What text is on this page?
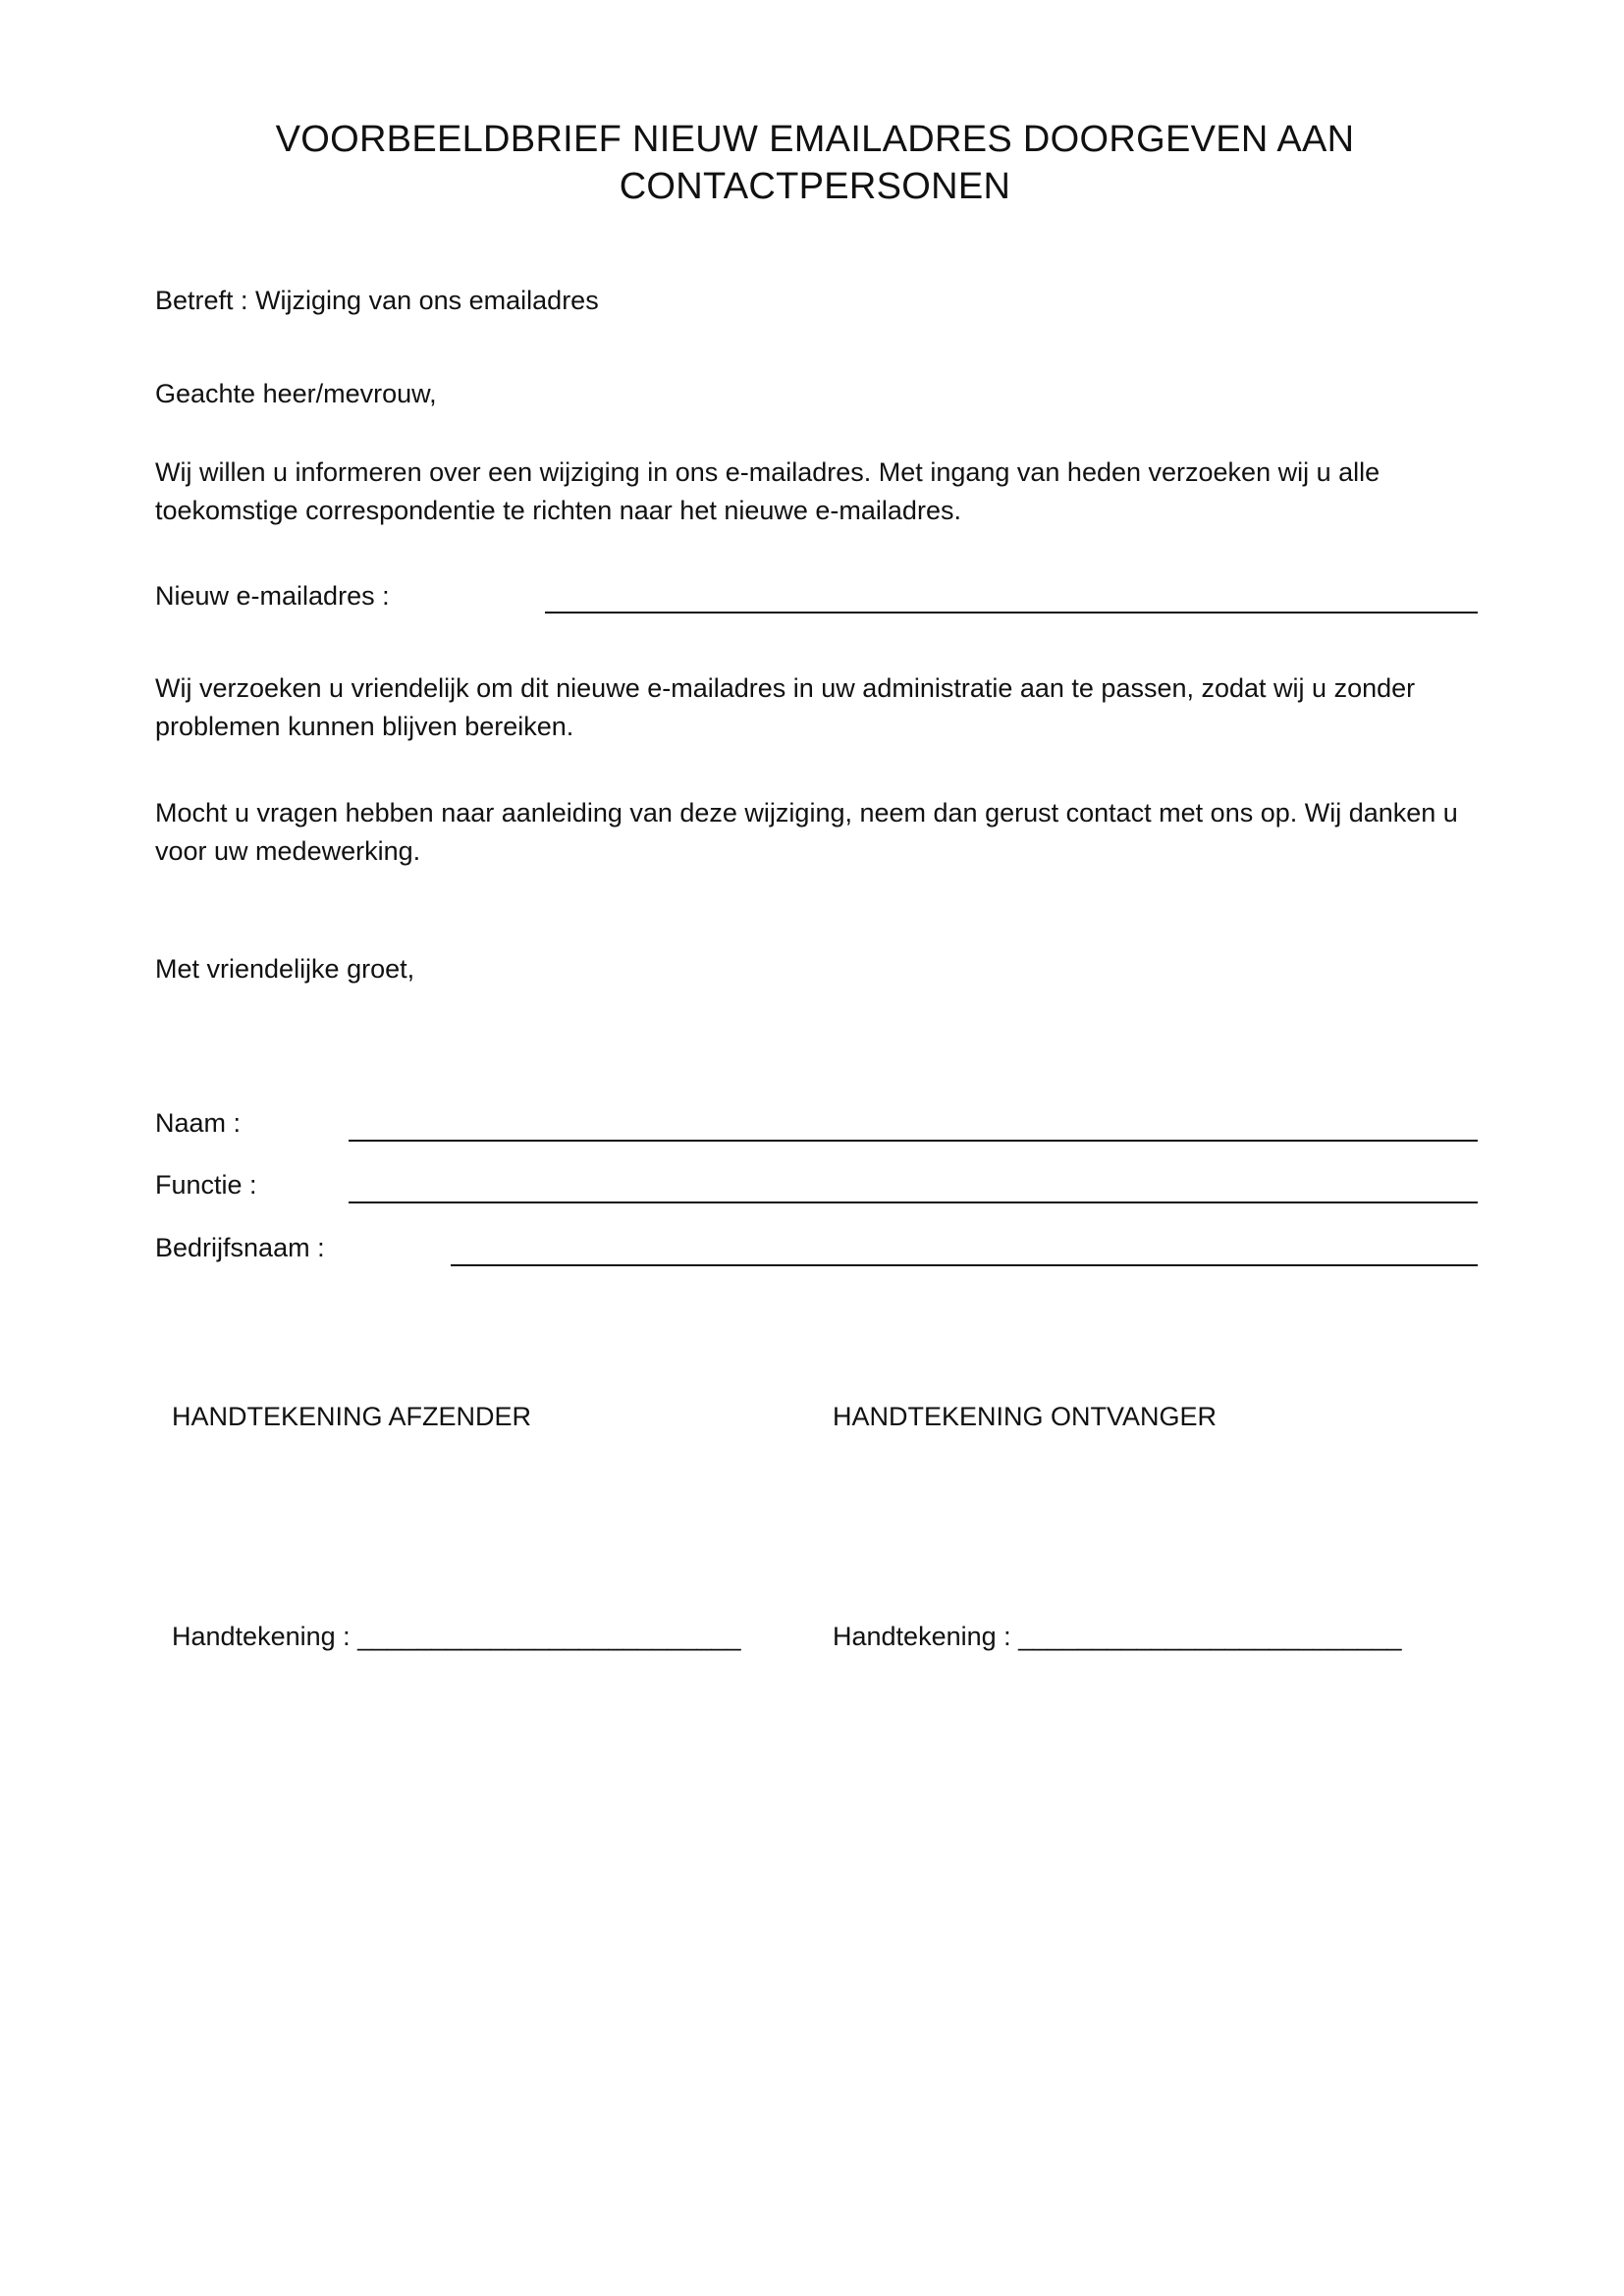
VOORBEELDBRIEF NIEUW EMAILADRES DOORGEVEN AAN
CONTACTPERSONEN

Betreft : Wijziging van ons emailadres

Geachte heer/mevrouw,

Wij willen u informeren over een wijziging in ons e-mailadres. Met ingang van heden verzoeken wij u alle toekomstige correspondentie te richten naar het nieuwe e-mailadres.

Nieuw e-mailadres :

Wij verzoeken u vriendelijk om dit nieuwe e-mailadres in uw administratie aan te passen, zodat wij u zonder problemen kunnen blijven bereiken.

Mocht u vragen hebben naar aanleiding van deze wijziging, neem dan gerust contact met ons op. Wij danken u voor uw medewerking.

Met vriendelijke groet,

Naam :

Functie :

Bedrijfsnaam :

HANDTEKENING AFZENDER	HANDTEKENING ONTVANGER

Handtekening : __________________________	Handtekening : __________________________
